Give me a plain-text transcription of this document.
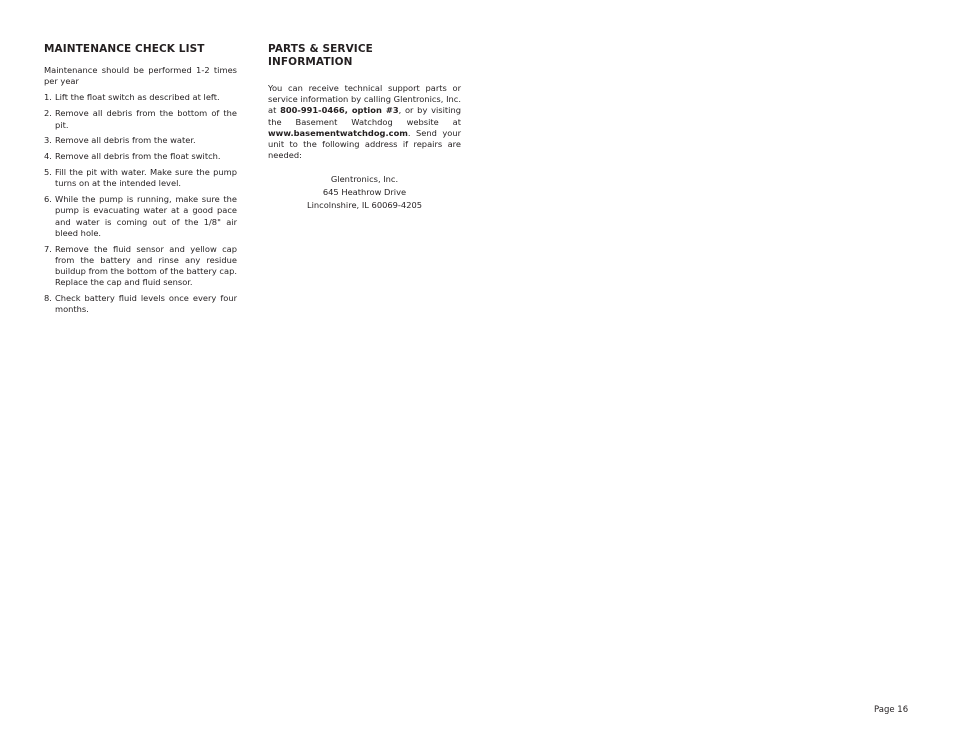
MAINTENANCE CHECK LIST

Maintenance should be performed 1-2 times per year

1. Lift the float switch as described at left.
2. Remove all debris from the bottom of the pit.
3. Remove all debris from the water.
4. Remove all debris from the float switch.
5. Fill the pit with water. Make sure the pump turns on at the intended level.
6. While the pump is running, make sure the pump is evacuating water at a good pace and water is coming out of the 1/8" air bleed hole.
7. Remove the fluid sensor and yellow cap from the battery and rinse any residue buildup from the bottom of the battery cap. Replace the cap and fluid sensor.
8. Check battery fluid levels once every four months.
PARTS & SERVICE INFORMATION

You can receive technical support parts or service information by calling Glentronics, Inc. at 800-991-0466, option #3, or by visiting the Basement Watchdog website at www.basementwatchdog.com. Send your unit to the following address if repairs are needed:

Glentronics, Inc.
645 Heathrow Drive
Lincolnshire, IL 60069-4205
Page 16
